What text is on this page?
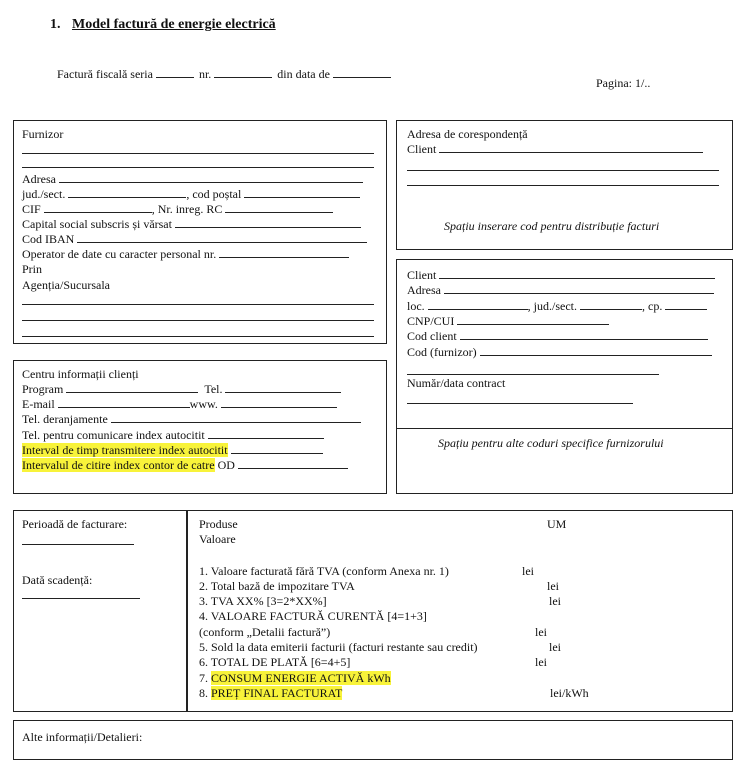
1. Model factură de energie electrică
Factură fiscală seria	nr.	din data de
Pagina: 1/..
Furnizor
Adresa
jud./sect.	, cod poștal
CIF	, Nr. inreg. RC
Capital social subscris și vărsat
Cod IBAN
Operator de date cu caracter personal nr.
Prin
Agenția/Sucursala
Adresa de corespondență
Client
Spațiu inserare cod pentru distribuție facturi
Client
Adresa
loc.	, jud./sect.	, cp.
CNP/CUI
Cod client
Cod (furnizor)
Număr/data contract
Spațiu pentru alte coduri specifice furnizorului
Centru informații clienți
Program	Tel.
E-mail	www.
Tel. deranjamente
Tel. pentru comunicare index autocitit
Interval de timp transmitere index autocitit
Intervalul de citire index contor de catre OD
Perioadă de facturare:
Dată scadență:
Produse	UM
Valoare
1. Valoare facturată fără TVA (conform Anexa nr. 1)	lei
2. Total bază de impozitare TVA	lei
3. TVA XX% [3=2*XX%]	lei
4. VALOARE FACTURĂ CURENTĂ [4=1+3]
(conform „Detalii factură”)	lei
5. Sold la data emiterii facturii (facturi restante sau credit)	lei
6. TOTAL DE PLATĂ [6=4+5]	lei
7. CONSUM ENERGIE ACTIVĂ kWh
8. PREȚ FINAL FACTURAT	lei/kWh
Alte informații/Detalieri:
